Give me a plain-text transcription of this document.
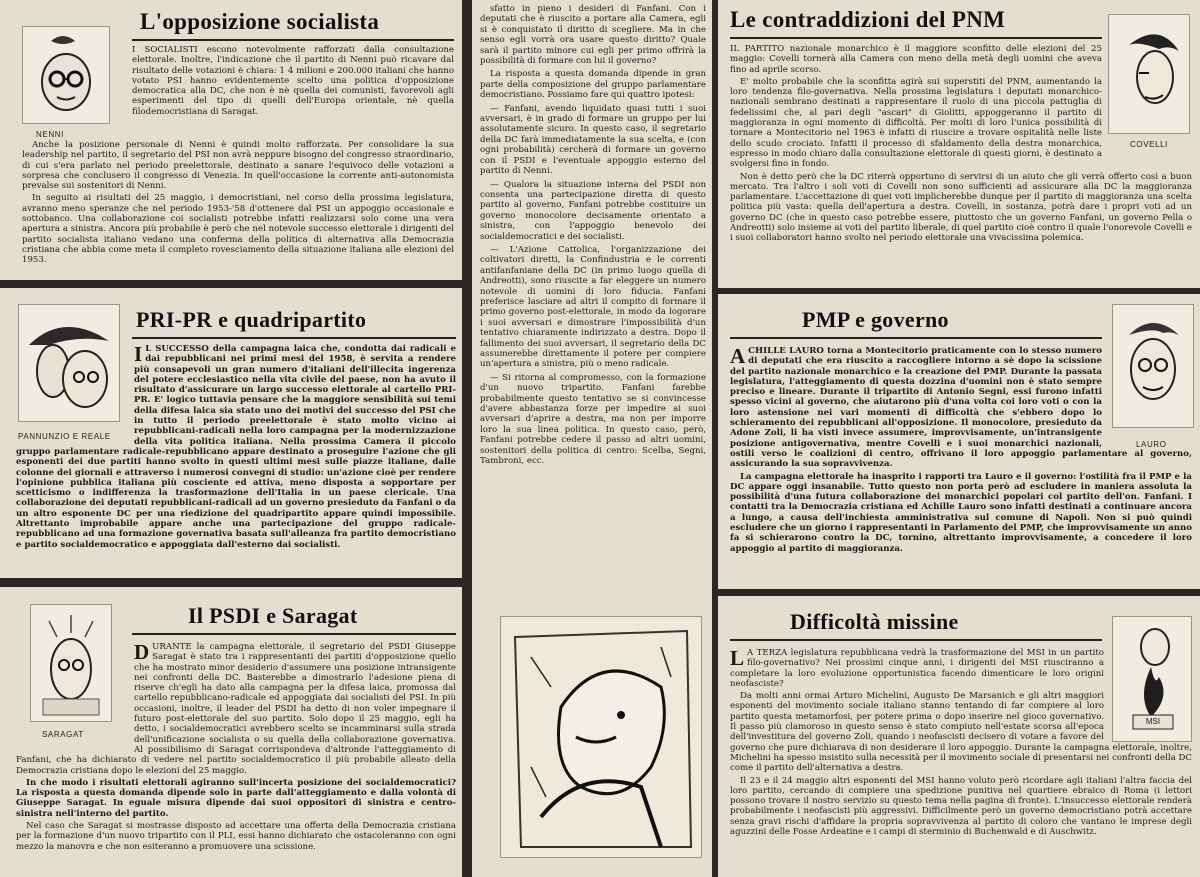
NENNI
L'opposizione socialista

I SOCIALISTI escono notevolmente rafforzati dalla consultazione elettorale. Inoltre, l'indicazione che il partito di Nenni può ricavare dal risultato delle votazioni è chiara: 1 4 milioni e 200.000 italiani che hanno votato PSI hanno evidentemente scelto una politica d'opposizione democratica alla DC, che non è nè quella dei comunisti, favorevoli agli esperimenti del tipo di quelli dell'Europa orientale, nè quella filodemocristiana di Saragat.

Anche la posizione personale di Nenni è quindi molto rafforzata. Per consolidare la sua leadership nel partito, il segretario del PSI non avrà neppure bisogno del congresso straordinario, di cui s'era parlato nel periodo preelettorale, destinato a sanare l'equivoco delle votazioni a sorpresa che conclusero il congresso di Venezia. In quell'occasione la corrente anti-autonomista prevalse sui sostenitori di Nenni.

In seguito ai risultati del 25 maggio, i democristiani, nel corso della prossima legislatura, avranno meno speranze che nel periodo 1953-'58 d'ottenere dal PSI un appoggio occasionale e sottobanco. Una collaborazione coi socialisti potrebbe infatti realizzarsi solo come una vera apertura a sinistra. Ancora più probabile è però che nel notevole successo elettorale i dirigenti del partito socialista italiano vedano una conferma della politica di alternativa alla Democrazia cristiana che abbia come meta il completo rovesciamento della situazione italiana alle elezioni del 1953.

PANNUNZIO E REALE
PRI-PR e quadripartito
I L SUCCESSO della campagna laica che, condotta dai radicali e dai repubblicani nei primi mesi del 1958, è servita a rendere più consapevoli un gran numero d'italiani dell'illecita ingerenza del potere ecclesiastico nella vita civile del paese, non ha avuto il risultato d'assicurare un largo successo elettorale al cartello PRI-PR. E' logico tuttavia pensare che la maggiore sensibilità sui temi della difesa laica sia stato uno dei motivi del successo del PSI che in tutto il periodo preelettorale è stato molto vicino ai repubblicani-radicali nella loro campagna per la modernizzazione della vita politica italiana. Nella prossima Camera il piccolo gruppo parlamentare radicale-repubblicano appare destinato a proseguire l'azione che gli esponenti dei due partiti hanno svolto in questi ultimi mesi sulle piazze italiane, dalle colonne dei giornali e attraverso i numerosi convegni di studio: un'azione cioè per rendere l'opinione pubblica italiana più cosciente ed attiva, meno disposta a sopportare per scetticismo o indifferenza la trasformazione dell'Italia in un paese clericale. Una collaborazione dei deputati repubblicani-radicali ad un governo presieduto da Fanfani o da un altro esponente DC per una riedizione del quadripartito appare quindi impossibile. Altrettanto improbabile appare anche una partecipazione del gruppo radicale-repubblicano ad una formazione governativa basata sull'alleanza fra partito democristiano e partito socialdemocratico e appoggiata dall'esterno dai socialisti.

SARAGAT
Il PSDI e Saragat
D URANTE la campagna elettorale, il segretario del PSDI Giuseppe Saragat è stato tra i rappresentanti dei partiti d'opposizione quello che ha mostrato minor desiderio d'assumere una posizione intransigente nei confronti della DC. Basterebbe a dimostrarlo l'adesione piena di riserve ch'egli ha dato alla campagna per la difesa laica, promossa dal cartello repubblicano-radicale ed appoggiata dai socialisti del PSI. In più occasioni, inoltre, il leader del PSDI ha detto di non voler impegnare il futuro post-elettorale del suo partito. Solo dopo il 25 maggio, egli ha detto, i socialdemocratici avrebbero scelto se incamminarsi sulla strada dell'unificazione socialista o su quella della collaborazione governativa. Al possibilismo di Saragat corrispondeva d'altronde l'atteggiamento di Fanfani, che ha dichiarato di vedere nel partito socialdemocratico il più probabile alleato della Democrazia cristiana dopo le elezioni del 25 maggio.

In che modo i risultati elettorali agiranno sull'incerta posizione dei socialdemocratici? La risposta a questa domanda dipende solo in parte dall'atteggiamento e dalla volontà di Giuseppe Saragat. In eguale misura dipende dai suoi oppositori di sinistra e centro-sinistra nell'interno del partito.

Nel caso che Saragat si mostrasse disposto ad accettare una offerta della Democrazia cristiana per la formazione d'un nuovo tripartito con il PLI, essi hanno dichiarato che ostacoleranno con ogni mezzo la manovra e che non esiteranno a promuovere una scissione.

sfatto in pieno i desideri di Fanfani. Con i deputati che è riuscito a portare alla Camera, egli si è conquistato il diritto di scegliere. Ma in che senso egli vorrà ora usare questo diritto? Quale sarà il partito minore cui egli per primo offrirà la possibilità di formare con lui il governo?

La risposta a questa domanda dipende in gran parte della composizione del gruppo parlamentare democristiano. Possiamo fare qui quattro ipotesi:

— Fanfani, avendo liquidato quasi tutti i suoi avversari, è in grado di formare un gruppo per lui assolutamente sicuro. In questo caso, il segretario della DC farà immediatamente la sua scelta, e (con ogni probabilità) cercherà di formare un governo con il PSDI e l'eventuale appoggio esterno del partito di Nenni.

— Qualora la situazione interna del PSDI non consenta una partecipazione diretta di questo partito al governo, Fanfani potrebbe costituire un governo monocolore decisamente orientato a sinistra, con l'appoggio benevolo dei socialdemocratici e dei socialisti.

— L'Azione Cattolica, l'organizzazione dei coltivatori diretti, la Confindustria e le correnti antifanfaniane della DC (in primo luogo quella di Andreotti), sono riuscite a far eleggere un numero notevole di uomini di loro fiducia. Fanfani preferisce lasciare ad altri il compito di formare il primo governo post-elettorale, in modo da logorare i suoi avversari e dimostrare l'impossibilità d'un tentativo chiaramente indirizzato a destra. Dopo il fallimento dei suoi avversari, il segretario della DC assumerebbe direttamente il potere per compiere un'apertura a sinistra, più o meno radicale.

— Si ritorna al compromesso, con la formazione d'un nuovo tripartito. Fanfani farebbe probabilmente questo tentativo se si convincesse d'avere abbastanza forze per impedire ai suoi avversari d'aprire a destra, ma non per imporre loro la sua linea politica. In questo caso, però, Fanfani potrebbe cedere il passo ad altri uomini, sostenitori della politica di centro: Scelba, Segni, Tambroni, ecc.

Le contraddizioni del PNM
COVELLI

IL PARTITO nazionale monarchico è il maggiore sconfitto delle elezioni del 25 maggio: Covelli tornerà alla Camera con meno della metà degli uomini che aveva fino ad aprile scorso.

E' molto probabile che la sconfitta agirà sui superstiti del PNM, aumentando la loro tendenza filo-governativa. Nella prossima legislatura i deputati monarchico-nazionali sembrano destinati a rappresentare il ruolo di una piccola pattuglia di fedelissimi che, al pari degli "ascari" di Giolitti, appoggeranno il partito di maggioranza in ogni momento di difficoltà. Per molti di loro l'unica possibilità di tornare a Montecitorio nel 1963 è infatti di riuscire a trovare ospitalità nelle liste dello scudo crociato. Infatti il processo di sfaldamento della destra monarchica, espresso in modo chiaro dalla consultazione elettorale di questi giorni, è destinato a svolgersi fino in fondo.

Non è detto però che la DC riterrà opportuno di servirsi di un aiuto che gli verrà offerto così a buon mercato. Tra l'altro i soli voti di Covelli non sono sufficienti ad assicurare alla DC la maggioranza parlamentare. L'accettazione di quei voti implicherebbe dunque per il partito di maggioranza una scelta politica più vasta: quella dell'apertura a destra. Covelli, in sostanza, potrà dare i propri voti ad un governo DC (che in questo caso potrebbe essere, piuttosto che un governo Fanfani, un governo Pella o Andreotti) solo insieme ai voti del partito liberale, di quel partito cioè contro il quale l'onorevole Covelli e i suoi collaboratori hanno svolto nel periodo elettorale una vivacissima polemica.

PMP e governo
LAURO
A CHILLE LAURO torna a Montecitorio praticamente con lo stesso numero di deputati che era riuscito a raccogliere intorno a sè dopo la scissione del partito nazionale monarchico e la creazione del PMP. Durante la passata legislatura, l'atteggiamento di questa dozzina d'uomini non è stato sempre preciso e lineare. Durante il tripartito di Antonio Segni, essi furono infatti spesso vicini al governo, che aiutarono più d'una volta coi loro voti o con la loro astensione nei vari momenti di difficoltà che s'ebbero dopo lo schieramento dei repubblicani all'opposizione. Il monocolore, presieduto da Adone Zoli, li ha visti invece assumere, improvvisamente, un'intransigente posizione antigovernativa, mentre Covelli e i suoi monarchici nazionali, ostili verso le coalizioni di centro, offrivano il loro appoggio parlamentare al governo, assicurando la sua sopravvivenza.

La campagna elettorale ha inasprito i rapporti tra Lauro e il governo: l'ostilità fra il PMP e la DC appare oggi insanabile. Tutto questo non porta però ad escludere in maniera assoluta la possibilità d'una futura collaborazione dei monarchici popolari col partito dell'on. Fanfani. I contatti tra la Democrazia cristiana ed Achille Lauro sono infatti destinati a continuare ancora a lungo, a causa dell'inchiesta amministrativa sul comune di Napoli. Non si può quindi escludere che un giorno i rappresentanti in Parlamento del PMP, che improvvisamente un anno fa si schierarono contro la DC, tornino, altrettanto improvvisamente, a concedere il loro appoggio al partito di maggioranza.

Difficoltà missine
MSI
L A TERZA legislatura repubblicana vedrà la trasformazione del MSI in un partito filo-governativo? Nei prossimi cinque anni, i dirigenti del MSI riusciranno a completare la loro evoluzione opportunistica facendo dimenticare le loro origini neofasciste?

Da molti anni ormai Arturo Michelini, Augusto De Marsanich e gli altri maggiori esponenti del movimento sociale italiano stanno tentando di far compiere al loro partito questa metamorfosi, per potere prima o dopo inserire nel gioco governativo. Il passo più clamoroso in questo senso è stato compiuto nell'estate scorsa all'epoca dell'investitura del governo Zoli, quando i neofascisti decisero di votare a favore del governo che pure dichiarava di non desiderare il loro appoggio. Durante la campagna elettorale, inoltre, Michelini ha spesso insistito sulla necessità per il movimento sociale di presentarsi nei confronti della DC come il partito dell'alternativa a destra.

Il 23 e il 24 maggio altri esponenti del MSI hanno voluto però ricordare agli italiani l'altra faccia del loro partito, cercando di compiere una spedizione punitiva nel quartiere ebraico di Roma (i lettori possono trovare il nostro servizio su questo tema nella pagina di fronte). L'insuccesso elettorale renderà probabilmente i neofascisti più aggressivi. Difficilmente però un governo democristiano potrà accettare senza gravi rischi d'affidare la propria sopravvivenza al partito di coloro che vantano le imprese degli aguzzini delle Fosse Ardeatine e i campi di sterminio di Buchenwald e di Auschwitz.
